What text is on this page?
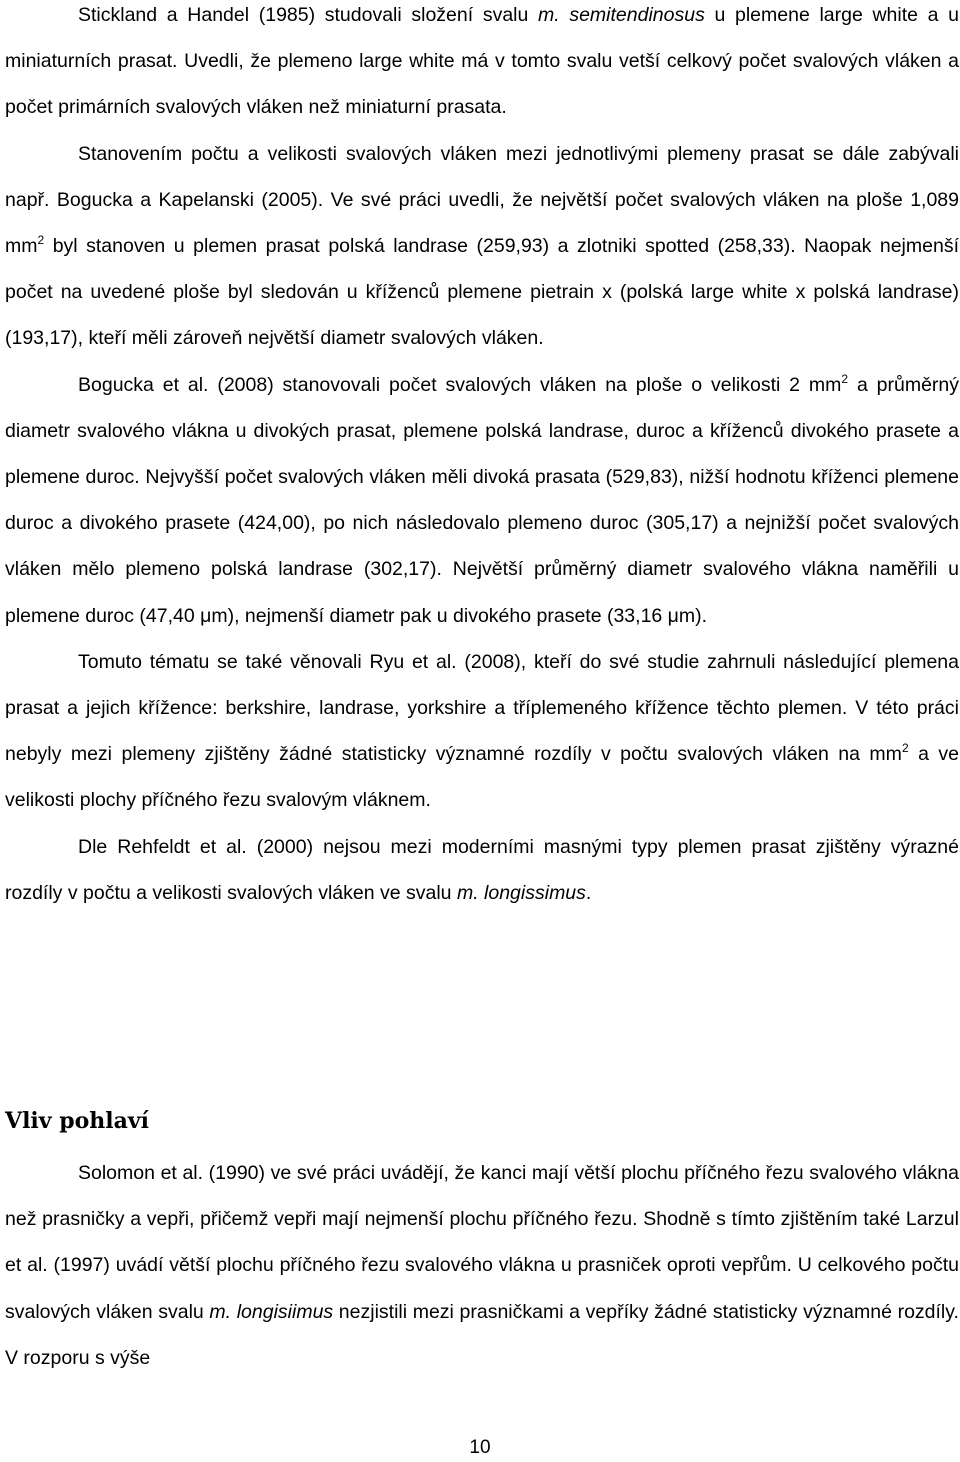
Stickland a Handel (1985) studovali složení svalu m. semitendinosus u plemene large white a u miniaturních prasat. Uvedli, že plemeno large white má v tomto svalu vetší celkový počet svalových vláken a počet primárních svalových vláken než miniaturní prasata.

Stanovením počtu a velikosti svalových vláken mezi jednotlivými plemeny prasat se dále zabývali např. Bogucka a Kapelanski (2005). Ve své práci uvedli, že největší počet svalových vláken na ploše 1,089 $mm^2$ byl stanoven u plemen prasat polská landrase (259,93) a zlotniki spotted (258,33). Naopak nejmenší počet na uvedené ploše byl sledován u kříženců plemene pietrain x (polská large white x polská landrase)(193,17), kteří měli zároveň největší diametr svalových vláken.

Bogucka et al. (2008) stanovovali počet svalových vláken na ploše o velikosti 2 $mm^2$ a průměrný diametr svalového vlákna u divokých prasat, plemene polská landrase, duroc a kříženců divokého prasete a plemene duroc. Nejvyšší počet svalových vláken měli divoká prasata (529,83), nižší hodnotu kříženci plemene duroc a divokého prasete (424,00), po nich následovalo plemeno duroc (305,17) a nejnižší počet svalových vláken mělo plemeno polská landrase (302,17). Největší průměrný diametr svalového vlákna naměřili u plemene duroc (47,40 μm), nejmenší diametr pak u divokého prasete (33,16 μm).

Tomuto tématu se také věnovali Ryu et al. (2008), kteří do své studie zahrnuli následující plemena prasat a jejich křížence: berkshire, landrase, yorkshire a tříplemeného křížence těchto plemen. V této práci nebyly mezi plemeny zjištěny žádné statisticky významné rozdíly v počtu svalových vláken na $mm^2$ a ve velikosti plochy příčného řezu svalovým vláknem.

Dle Rehfeldt et al. (2000) nejsou mezi moderními masnými typy plemen prasat zjištěny výrazné rozdíly v počtu a velikosti svalových vláken ve svalu m. longissimus.

Vliv pohlaví

Solomon et al. (1990) ve své práci uvádějí, že kanci mají větší plochu příčného řezu svalového vlákna než prasničky a vepři, přičemž vepři mají nejmenší plochu příčného řezu. Shodně s tímto zjištěním také Larzul et al. (1997) uvádí větší plochu příčného řezu svalového vlákna u prasniček oproti vepřům. U celkového počtu svalových vláken svalu m. longisiimus nezjistili mezi prasničkami a vepříky žádné statisticky významné rozdíly. V rozporu s výše

10
